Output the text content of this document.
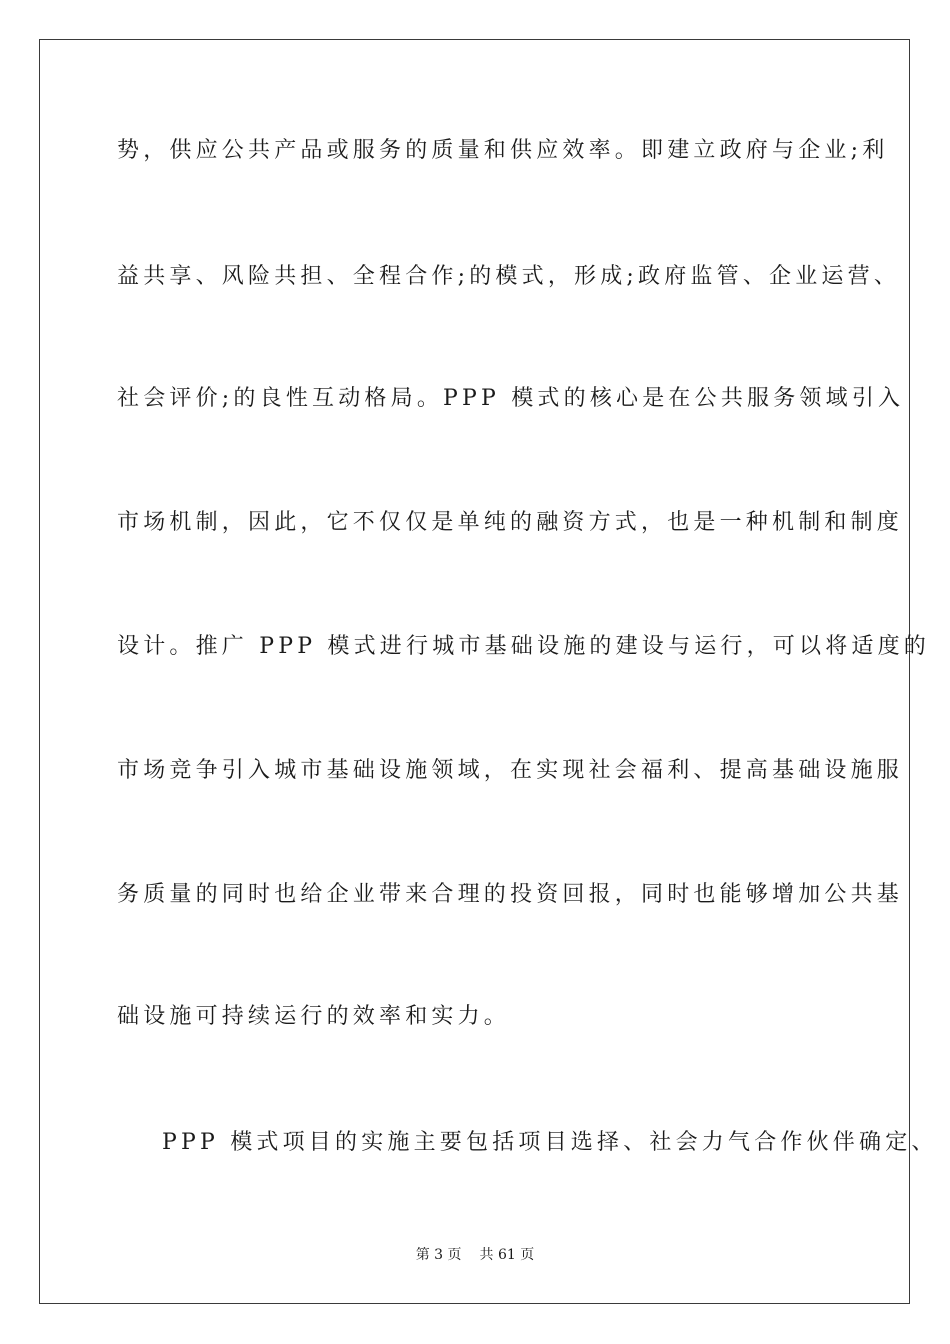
势，供应公共产品或服务的质量和供应效率。即建立政府与企业;利
益共享、风险共担、全程合作;的模式，形成;政府监管、企业运营、
社会评价;的良性互动格局。PPP 模式的核心是在公共服务领域引入
市场机制，因此，它不仅仅是单纯的融资方式，也是一种机制和制度
设计。推广 PPP 模式进行城市基础设施的建设与运行，可以将适度的
市场竞争引入城市基础设施领域，在实现社会福利、提高基础设施服
务质量的同时也给企业带来合理的投资回报，同时也能够增加公共基
础设施可持续运行的效率和实力。
PPP 模式项目的实施主要包括项目选择、社会力气合作伙伴确定、
第 3 页 共 61 页
